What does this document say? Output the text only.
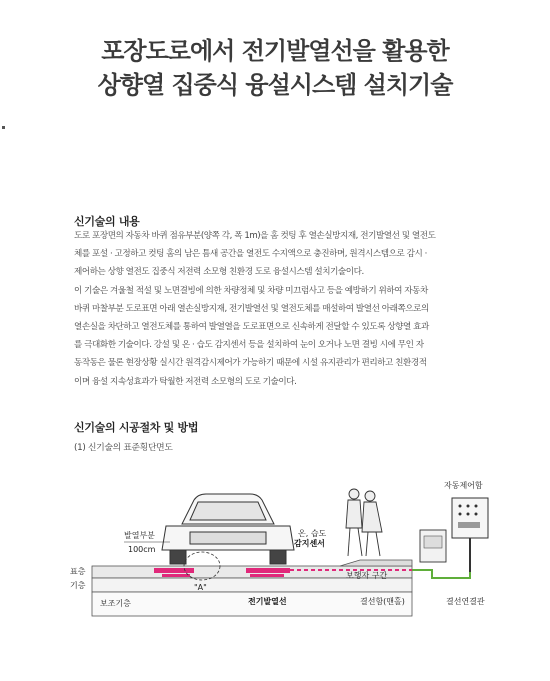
포장도로에서 전기발열선을 활용한
상향열 집중식 융설시스템 설치기술
신기술의 내용
도로 포장면의 자동차 바퀴 점유부분(양쪽 각, 폭 1m)을 홈 컷팅 후 열손실방지재, 전기발열선 및 열전도
체를 포설 · 고정하고 컷팅 홈의 남은 틈새 공간을 열전도 수지액으로 충진하며, 원격시스템으로 감시 ·
제어하는 상향 열전도 집중식 저전력 소모형 친환경 도로 융설시스템 설치기술이다.
이 기술은 겨울철 적설 및 노면결빙에 의한 차량정체 및 차량 미끄럼사고 등을 예방하기 위하여 자동차
바퀴 마찰부분 도로표면 아래 열손실방지재, 전기발열선 및 열전도체를 매설하여 발열선 아래쪽으로의
열손실을 차단하고 열전도체를 통하여 발열열을 도로표면으로 신속하게 전달할 수 있도록 상향열 효과
를 극대화한 기술이다. 강설 및 온 · 습도 감지센서 등을 설치하여 눈이 오거나 노면 결빙 시에 무인 자
동작동은 물론 현장상황 실시간 원격감시제어가 가능하기 때문에 시설 유지관리가 편리하고 친환경적
이며 융설 지속성효과가 탁월한 저전력 소모형의 도로 기술이다.
신기술의 시공절차 및 방법
(1) 신기술의 표준횡단면도
발열부분
100cm
표층
기층
보조기층
"A"
온, 습도
감지센서
전기발열선
보행자 구간
결선함(맨홀)	결선연결관
자동제어함
